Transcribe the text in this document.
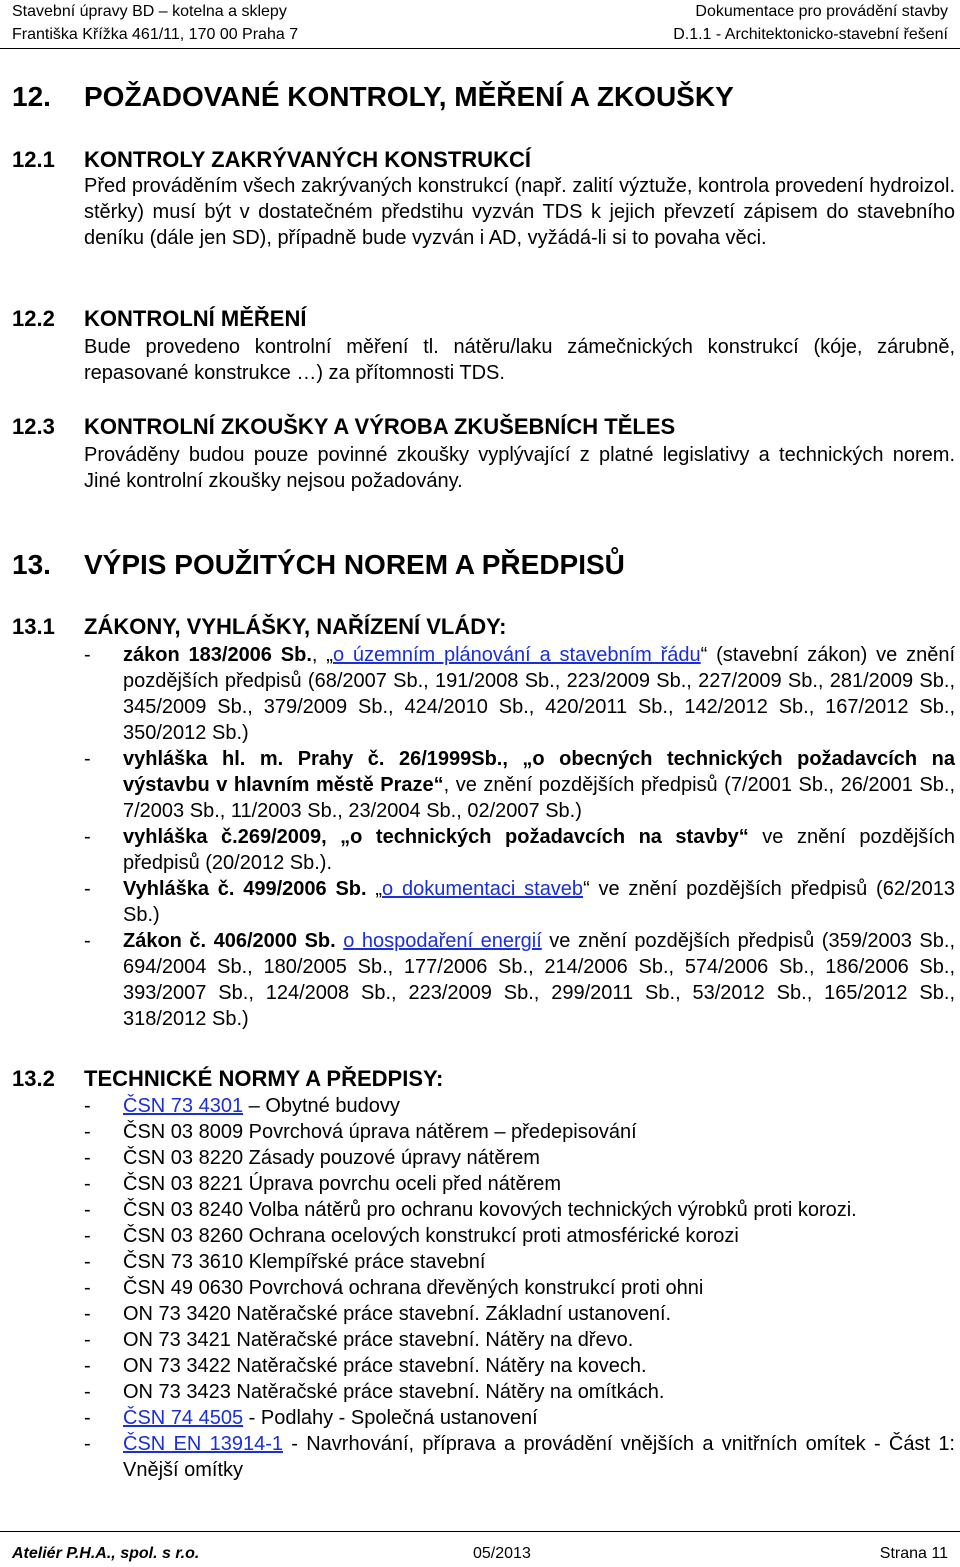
Stavební úpravy BD – kotelna a sklepy
Františka Křížka 461/11, 170 00 Praha 7
Dokumentace pro provádění stavby
D.1.1 - Architektonicko-stavební řešení
12. POŽADOVANÉ KONTROLY, MĚŘENÍ A ZKOUŠKY
12.1 KONTROLY ZAKRÝVANÝCH KONSTRUKCÍ
Před prováděním všech zakrývaných konstrukcí (např. zalití výztuže, kontrola provedení hydroizol. stěrky) musí být v dostatečném předstihu vyzván TDS k jejich převzetí zápisem do stavebního deníku (dále jen SD), případně bude vyzván i AD, vyžádá-li si to povaha věci.
12.2 KONTROLNÍ MĚŘENÍ
Bude provedeno kontrolní měření tl. nátěru/laku zámečnických konstrukcí (kóje, zárubně, repasované konstrukce …) za přítomnosti TDS.
12.3 KONTROLNÍ ZKOUŠKY A VÝROBA ZKUŠEBNÍCH TĚLES
Prováděny budou pouze povinné zkoušky vyplývající z platné legislativy a technických norem. Jiné kontrolní zkoušky nejsou požadovány.
13. VÝPIS POUŽITÝCH NOREM A PŘEDPISŮ
13.1 ZÁKONY, VYHLÁŠKY, NAŘÍZENÍ VLÁDY:
- zákon 183/2006 Sb., „o územním plánování a stavebním řádu“ (stavební zákon) ve znění pozdějších předpisů (68/2007 Sb., 191/2008 Sb., 223/2009 Sb., 227/2009 Sb., 281/2009 Sb., 345/2009 Sb., 379/2009 Sb., 424/2010 Sb., 420/2011 Sb., 142/2012 Sb., 167/2012 Sb., 350/2012 Sb.)
- vyhláška hl. m. Prahy č. 26/1999Sb., „o obecných technických požadavcích na výstavbu v hlavním městě Praze“, ve znění pozdějších předpisů (7/2001 Sb., 26/2001 Sb., 7/2003 Sb., 11/2003 Sb., 23/2004 Sb., 02/2007 Sb.)
- vyhláška č.269/2009, „o technických požadavcích na stavby“ ve znění pozdějších předpisů (20/2012 Sb.).
- Vyhláška č. 499/2006 Sb. „o dokumentaci staveb“ ve znění pozdějších předpisů (62/2013 Sb.)
- Zákon č. 406/2000 Sb. o hospodaření energií ve znění pozdějších předpisů (359/2003 Sb., 694/2004 Sb., 180/2005 Sb., 177/2006 Sb., 214/2006 Sb., 574/2006 Sb., 186/2006 Sb., 393/2007 Sb., 124/2008 Sb., 223/2009 Sb., 299/2011 Sb., 53/2012 Sb., 165/2012 Sb., 318/2012 Sb.)
13.2 TECHNICKÉ NORMY A PŘEDPISY:
- ČSN 73 4301 – Obytné budovy
- ČSN 03 8009 Povrchová úprava nátěrem – předepisování
- ČSN 03 8220 Zásady pouzové úpravy nátěrem
- ČSN 03 8221 Úprava povrchu oceli před nátěrem
- ČSN 03 8240 Volba nátěrů pro ochranu kovových technických výrobků proti korozi.
- ČSN 03 8260 Ochrana ocelových konstrukcí proti atmosférické korozi
- ČSN 73 3610 Klempířské práce stavební
- ČSN 49 0630 Povrchová ochrana dřevěných konstrukcí proti ohni
- ON 73 3420 Natěračské práce stavební. Základní ustanovení.
- ON 73 3421 Natěračské práce stavební. Nátěry na dřevo.
- ON 73 3422 Natěračské práce stavební. Nátěry na kovech.
- ON 73 3423 Natěračské práce stavební. Nátěry na omítkách.
- ČSN 74 4505 - Podlahy - Společná ustanovení
- ČSN EN 13914-1 - Navrhování, příprava a provádění vnějších a vnitřních omítek - Část 1: Vnější omítky
Ateliér P.H.A., spol. s r.o.	05/2013	Strana 11
